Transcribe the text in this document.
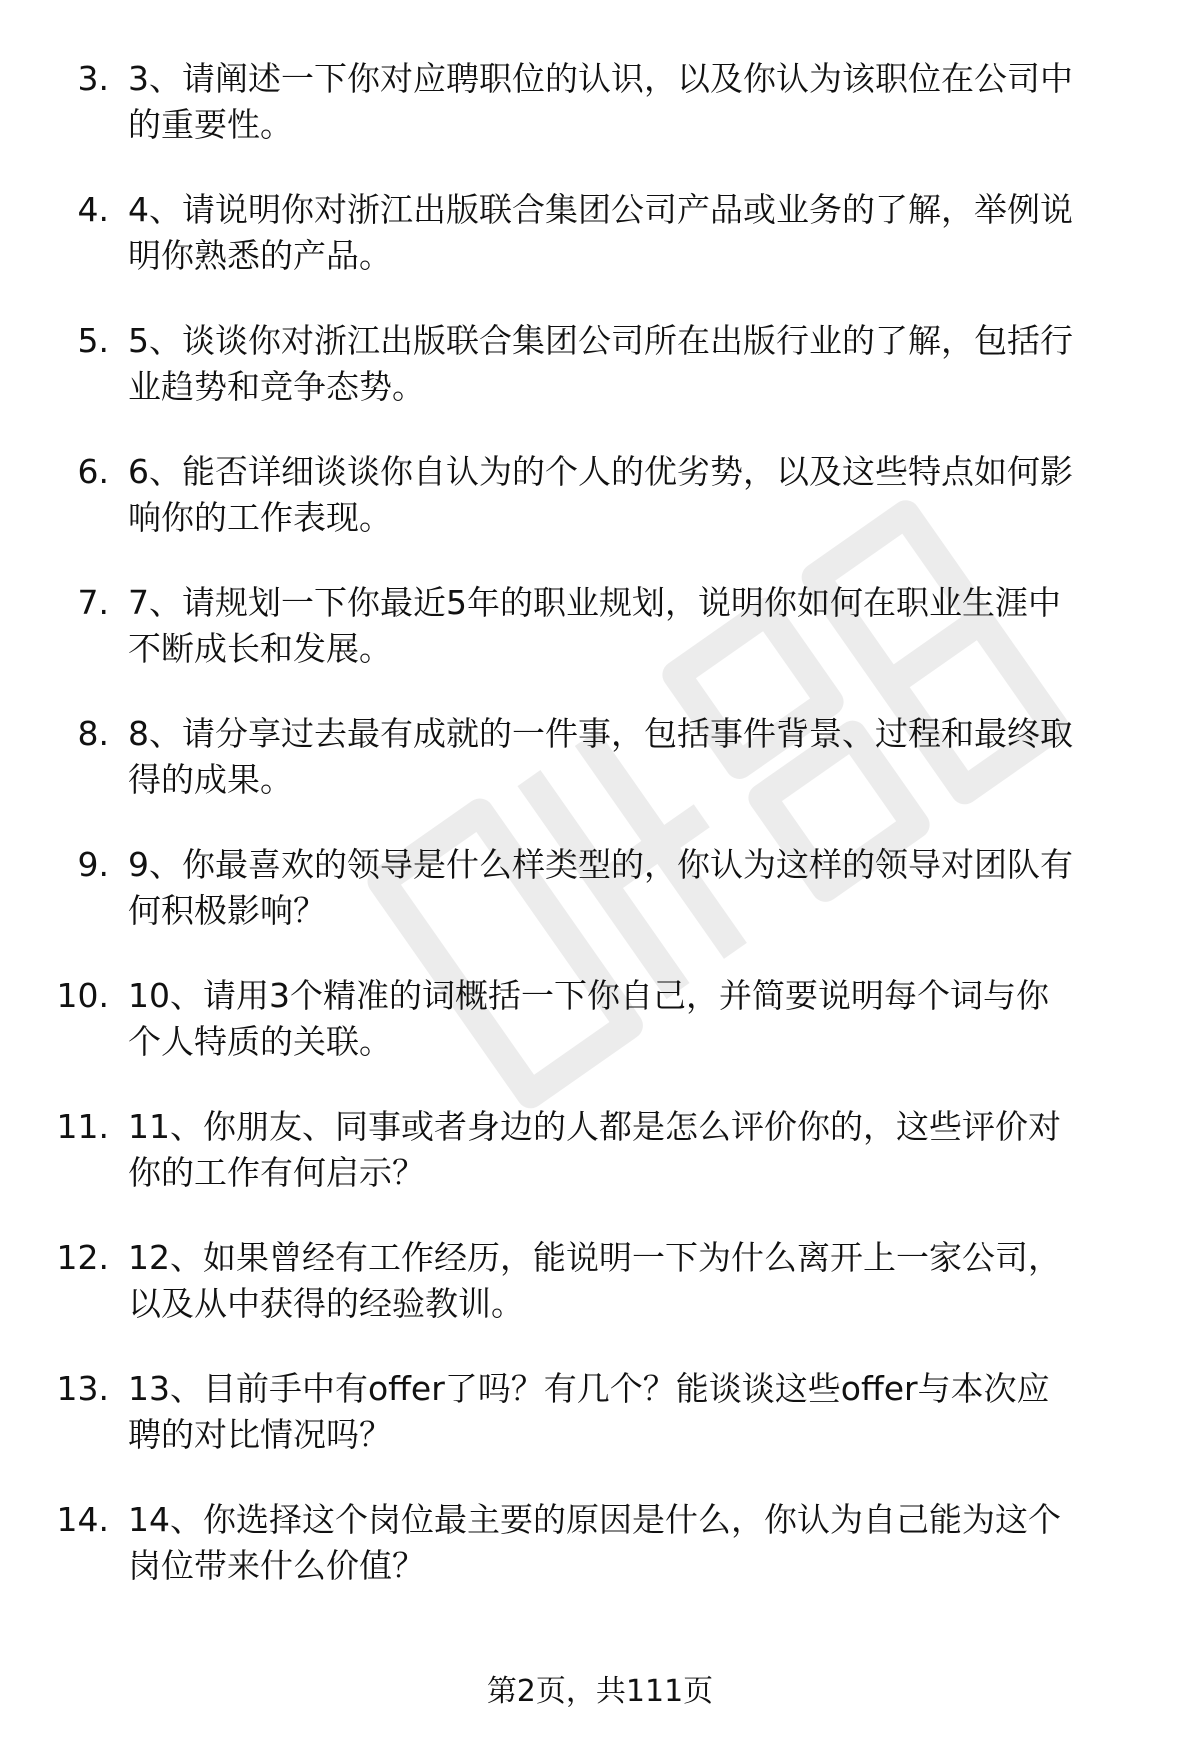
3. 3、请阐述一下你对应聘职位的认识，以及你认为该职位在公司中
的重要性。
4. 4、请说明你对浙江出版联合集团公司产品或业务的了解，举例说
明你熟悉的产品。
5. 5、谈谈你对浙江出版联合集团公司所在出版行业的了解，包括行
业趋势和竞争态势。
6. 6、能否详细谈谈你自认为的个人的优劣势，以及这些特点如何影
响你的工作表现。
7. 7、请规划一下你最近5年的职业规划，说明你如何在职业生涯中
不断成长和发展。
8. 8、请分享过去最有成就的一件事，包括事件背景、过程和最终取
得的成果。
9. 9、你最喜欢的领导是什么样类型的，你认为这样的领导对团队有
何积极影响？
10. 10、请用3个精准的词概括一下你自己，并简要说明每个词与你
个人特质的关联。
11. 11、你朋友、同事或者身边的人都是怎么评价你的，这些评价对
你的工作有何启示？
12. 12、如果曾经有工作经历，能说明一下为什么离开上一家公司，
以及从中获得的经验教训。
13. 13、目前手中有offer了吗？有几个？能谈谈这些offer与本次应
聘的对比情况吗？
14. 14、你选择这个岗位最主要的原因是什么，你认为自己能为这个
岗位带来什么价值？
第2页，共111页
